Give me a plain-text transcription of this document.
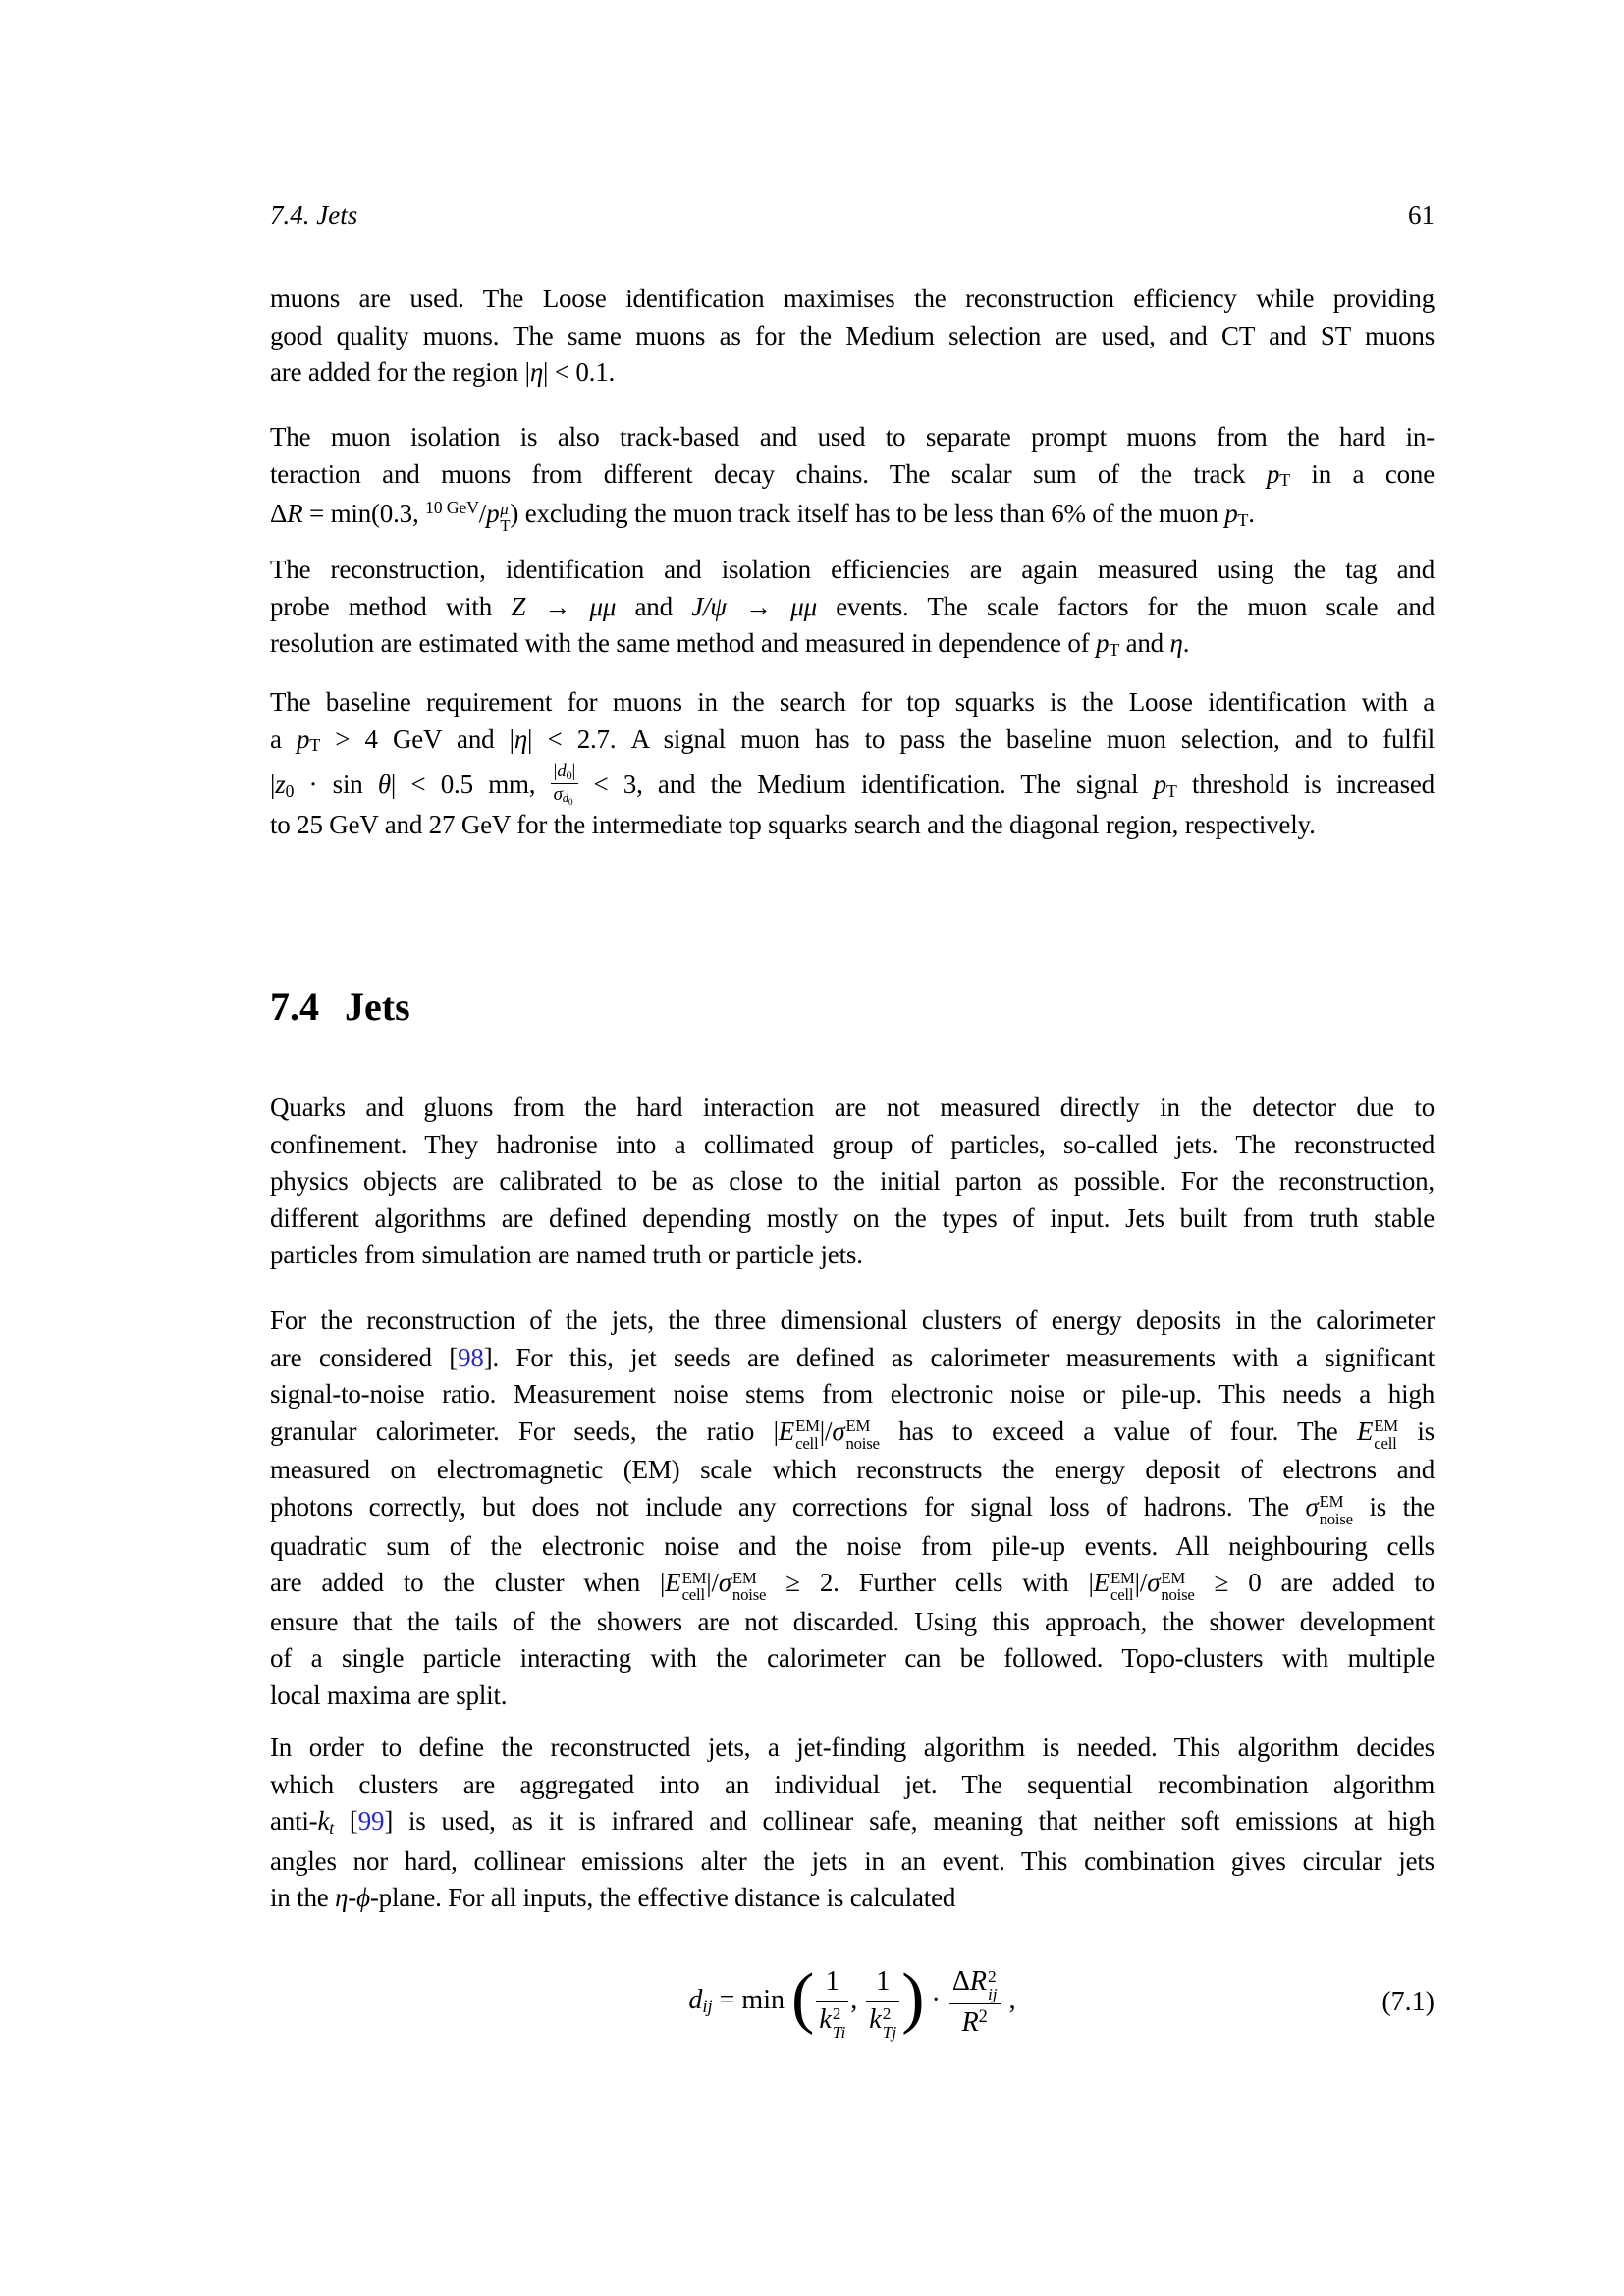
7.4. Jets	61
muons are used. The Loose identification maximises the reconstruction efficiency while providing
good quality muons. The same muons as for the Medium selection are used, and CT and ST muons
are added for the region |η| < 0.1.
The muon isolation is also track-based and used to separate prompt muons from the hard in-
teraction and muons from different decay chains. The scalar sum of the track pT in a cone
ΔR = min(0.3, $^{10 GeV}$/p μ
T ) excluding the muon track itself has to be less than 6% of the muon pT.
The reconstruction, identification and isolation efficiencies are again measured using the tag and
probe method with Z → μμ and J/ψ → μμ events. The scale factors for the muon scale and
resolution are estimated with the same method and measured in dependence of pT and η.
The baseline requirement for muons in the search for top squarks is the Loose identification with a
a pT > 4 GeV and |η| < 2.7. A signal muon has to pass the baseline muon selection, and to fulfil
|z0 · sin θ| < 0.5 mm, $\frac{|d0|}{\sigma d_0} < 3$, and the Medium identification. The signal pT threshold is increased
to 25 GeV and 27 GeV for the intermediate top squarks search and the diagonal region, respectively.
7.4 Jets
Quarks and gluons from the hard interaction are not measured directly in the detector due to
confinement. They hadronise into a collimated group of particles, so-called jets. The reconstructed
physics objects are calibrated to be as close to the initial parton as possible. For the reconstruction,
different algorithms are defined depending mostly on the types of input. Jets built from truth stable
particles from simulation are named truth or particle jets.
For the reconstruction of the jets, the three dimensional clusters of energy deposits in the calorimeter
are considered [98]. For this, jet seeds are defined as calorimeter measurements with a significant
signal-to-noise ratio. Measurement noise stems from electronic noise or pile-up. This needs a high
granular calorimeter. For seeds, the ratio |E EM
cell |/σ EM
noise has to exceed a value of four. The E EM
cell is
measured on electromagnetic (EM) scale which reconstructs the energy deposit of electrons and
photons correctly, but does not include any corrections for signal loss of hadrons. The σ EM
noise is the
quadratic sum of the electronic noise and the noise from pile-up events. All neighbouring cells
are added to the cluster when |E EM
cell |/σ EM
noise ≥ 2. Further cells with |E EM
cell |/σ EM
noise ≥ 0 are added to
ensure that the tails of the showers are not discarded. Using this approach, the shower development
of a single particle interacting with the calorimeter can be followed. Topo-clusters with multiple
local maxima are split.
In order to define the reconstructed jets, a jet-finding algorithm is needed. This algorithm decides
which clusters are aggregated into an individual jet. The sequential recombination algorithm
anti-kt [99] is used, as it is infrared and collinear safe, meaning that neither soft emissions at high
angles nor hard, collinear emissions alter the jets in an event. This combination gives circular jets
in the η-ϕ-plane. For all inputs, the effective distance is calculated
dij = min ( 1
k 2
Ti , 1
k 2
Tj ) · ΔR 2
ij
$R^2$ ,	(7.1)
